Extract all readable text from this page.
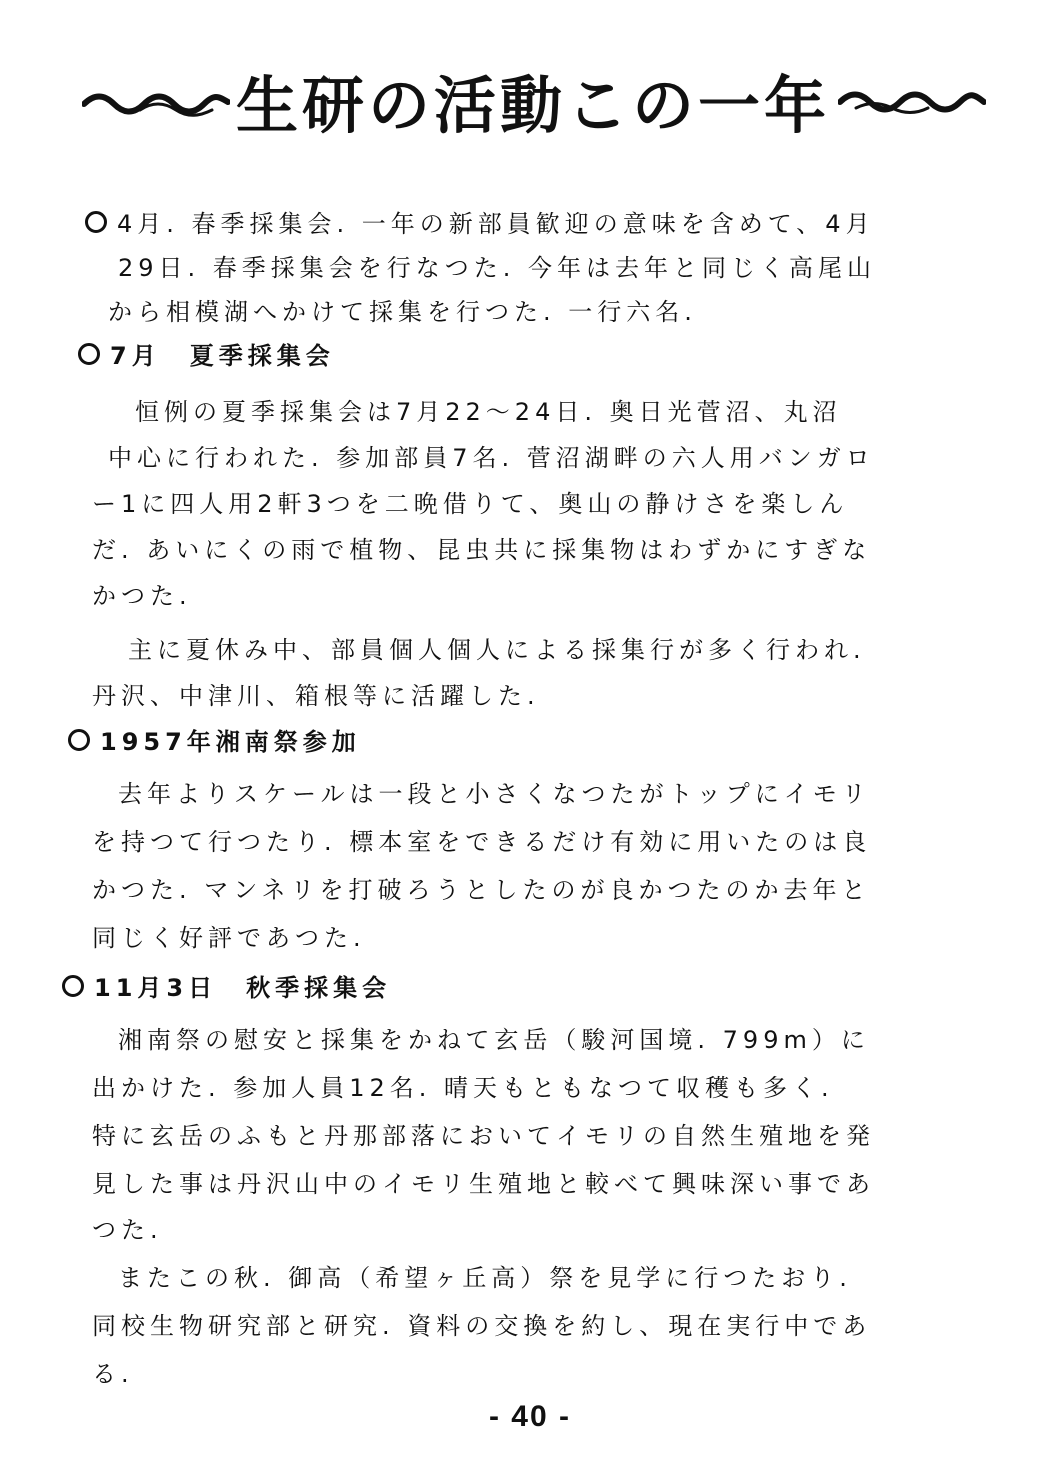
生研の活動この一年
4月. 春季採集会. 一年の新部員歓迎の意味を含めて、4月
29日. 春季採集会を行なつた. 今年は去年と同じく高尾山
から相模湖へかけて採集を行つた. 一行六名.
7月　夏季採集会
恒例の夏季採集会は7月22～24日. 奥日光菅沼、丸沼
中心に行われた. 参加部員7名. 菅沼湖畔の六人用バンガロ
ー1に四人用2軒3つを二晩借りて、奥山の静けさを楽しん
だ. あいにくの雨で植物、昆虫共に採集物はわずかにすぎな
かつた.
主に夏休み中、部員個人個人による採集行が多く行われ.
丹沢、中津川、箱根等に活躍した.
1957年湘南祭参加
去年よりスケールは一段と小さくなつたがトップにイモリ
を持つて行つたり. 標本室をできるだけ有効に用いたのは良
かつた. マンネリを打破ろうとしたのが良かつたのか去年と
同じく好評であつた.
11月3日　秋季採集会
湘南祭の慰安と採集をかねて玄岳（駿河国境. 799m）に
出かけた. 参加人員12名. 晴天もともなつて収穫も多く.
特に玄岳のふもと丹那部落においてイモリの自然生殖地を発
見した事は丹沢山中のイモリ生殖地と較べて興味深い事であ
つた.
またこの秋. 御高（希望ヶ丘高）祭を見学に行つたおり.
同校生物研究部と研究. 資料の交換を約し、現在実行中であ
る.
- 40 -
